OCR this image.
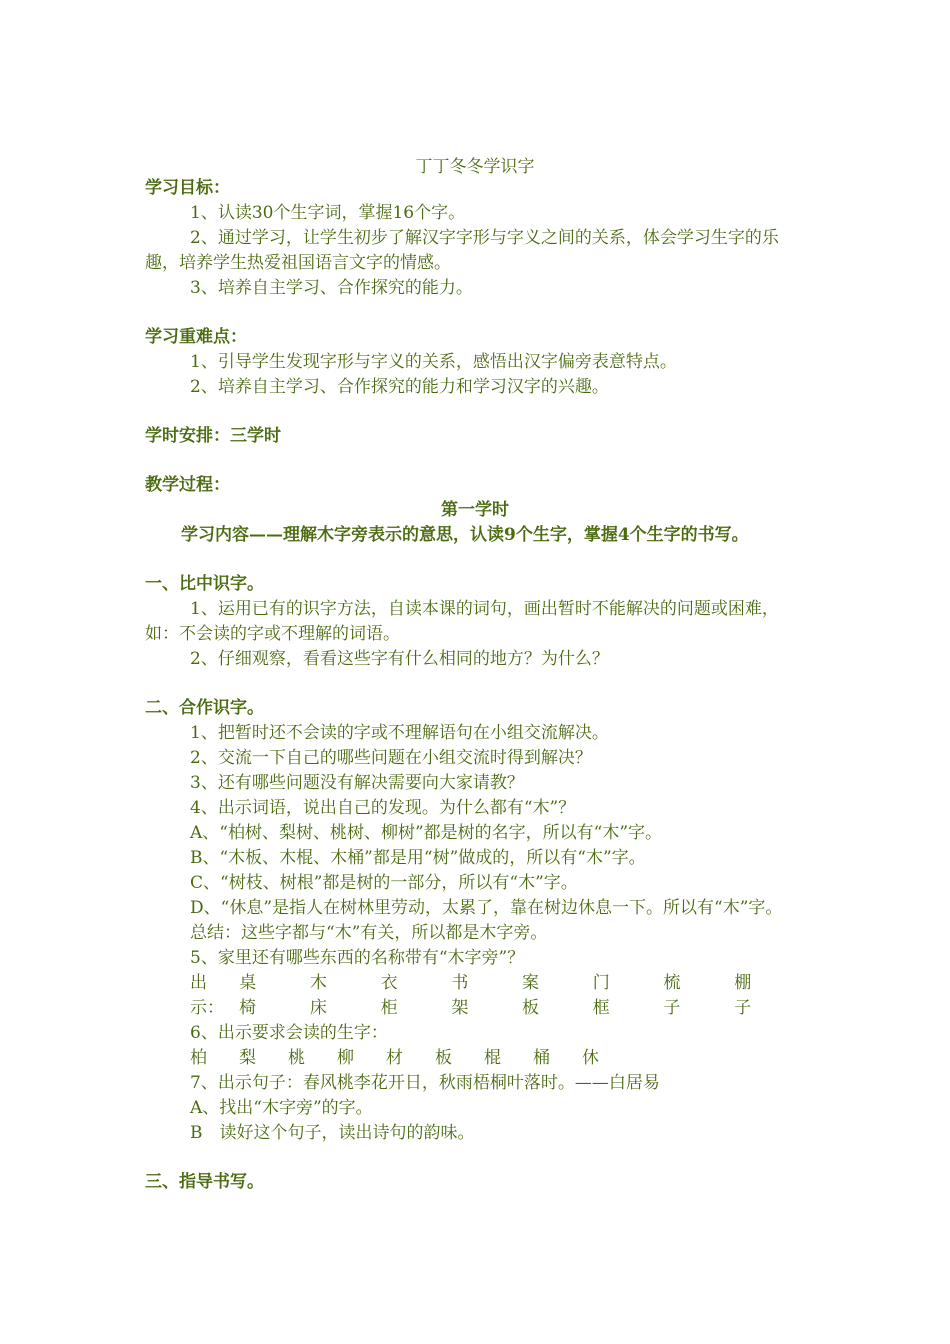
丁丁冬冬学识字

学习目标：

1、认读30个生字词，掌握16个字。

2、通过学习，让学生初步了解汉字字形与字义之间的关系，体会学习生字的乐趣，培养学生热爱祖国语言文字的情感。

3、培养自主学习、合作探究的能力。

学习重难点：

1、引导学生发现字形与字义的关系，感悟出汉字偏旁表意特点。

2、培养自主学习、合作探究的能力和学习汉字的兴趣。

学时安排：三学时

教学过程：

第一学时

学习内容——理解木字旁表示的意思，认读9个生字，掌握4个生字的书写。

一、比中识字。

1、运用已有的识字方法，自读本课的词句，画出暂时不能解决的问题或困难，如：不会读的字或不理解的词语。

2、仔细观察，看看这些字有什么相同的地方？为什么？

二、合作识字。

1、把暂时还不会读的字或不理解语句在小组交流解决。

2、交流一下自己的哪些问题在小组交流时得到解决？

3、还有哪些问题没有解决需要向大家请教？

4、出示词语，说出自己的发现。为什么都有“木”？

A、“柏树、梨树、桃树、柳树”都是树的名字，所以有“木”字。

B、“木板、木棍、木桶”都是用“树”做成的，所以有“木”字。

C、“树枝、树根”都是树的一部分，所以有“木”字。

D、“休息”是指人在树林里劳动，太累了，靠在树边休息一下。所以有“木”字。

总结：这些字都与“木”有关，所以都是木字旁。

5、家里还有哪些东西的名称带有“木字旁”？

出示：
桌椅
木床
衣柜
书架
案板
门框
梳子
棚子

6、出示要求会读的生字：

柏 梨 桃 柳 材 板 棍 桶 休

7、出示句子：春风桃李花开日，秋雨梧桐叶落时。——白居易

A、找出“木字旁”的字。

B　读好这个句子，读出诗句的韵味。

三、指导书写。
